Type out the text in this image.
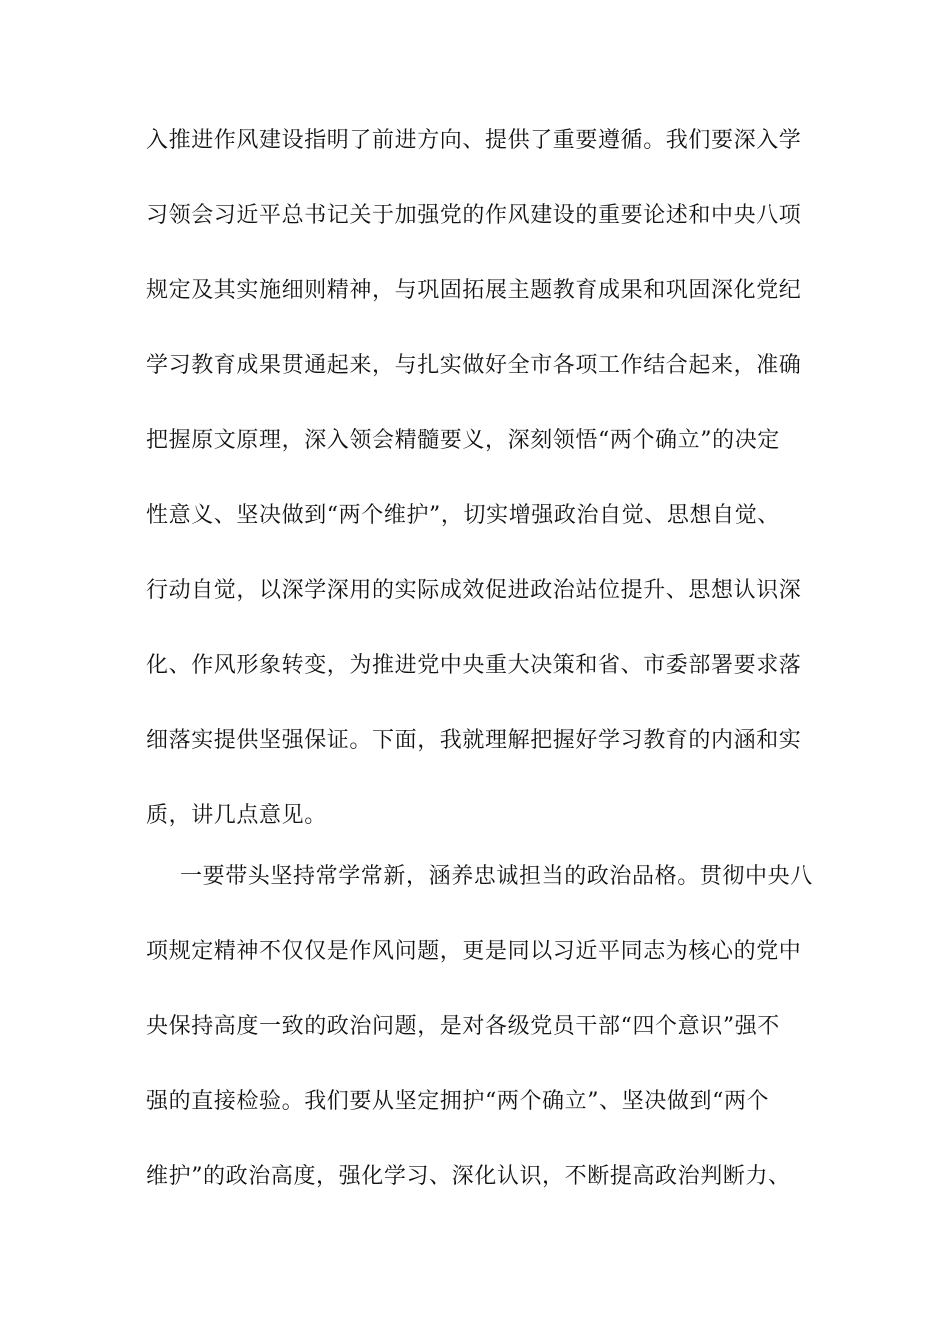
入推进作风建设指明了前进方向、提供了重要遵循。我们要深入学
习领会习近平总书记关于加强党的作风建设的重要论述和中央八项
规定及其实施细则精神，与巩固拓展主题教育成果和巩固深化党纪
学习教育成果贯通起来，与扎实做好全市各项工作结合起来，准确
把握原文原理，深入领会精髓要义，深刻领悟“两个确立”的决定
性意义、坚决做到“两个维护”，切实增强政治自觉、思想自觉、
行动自觉，以深学深用的实际成效促进政治站位提升、思想认识深
化、作风形象转变，为推进党中央重大决策和省、市委部署要求落
细落实提供坚强保证。下面，我就理解把握好学习教育的内涵和实
质，讲几点意见。
一要带头坚持常学常新，涵养忠诚担当的政治品格。贯彻中央八
项规定精神不仅仅是作风问题，更是同以习近平同志为核心的党中
央保持高度一致的政治问题，是对各级党员干部“四个意识”强不
强的直接检验。我们要从坚定拥护“两个确立”、坚决做到“两个
维护”的政治高度，强化学习、深化认识，不断提高政治判断力、
